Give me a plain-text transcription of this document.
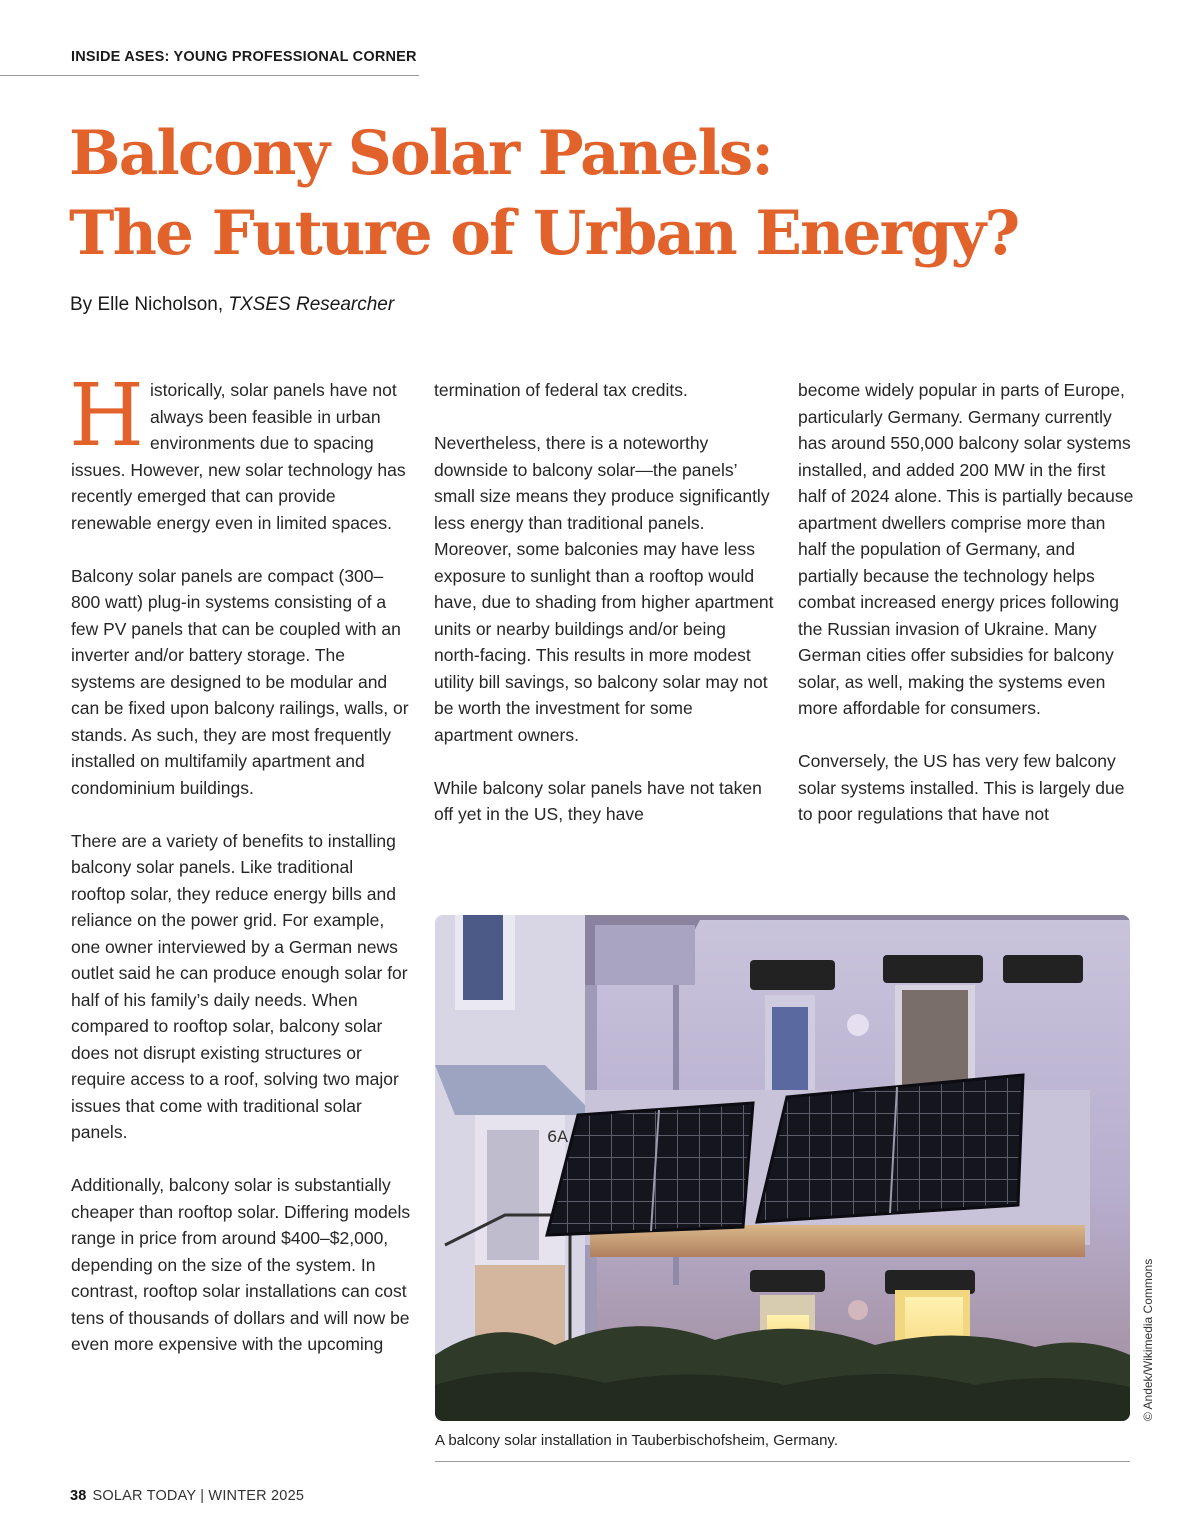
INSIDE ASES: YOUNG PROFESSIONAL CORNER
Balcony Solar Panels:
The Future of Urban Energy?
By Elle Nicholson, TXSES Researcher

Historically, solar panels have not always been feasible in urban environments due to spacing issues. However, new solar technology has recently emerged that can provide renewable energy even in limited spaces.

Balcony solar panels are compact (300–800 watt) plug-in systems consisting of a few PV panels that can be coupled with an inverter and/or battery storage. The systems are designed to be modular and can be fixed upon balcony railings, walls, or stands. As such, they are most frequently installed on multifamily apartment and condominium buildings.

There are a variety of benefits to installing balcony solar panels. Like traditional rooftop solar, they reduce energy bills and reliance on the power grid. For example, one owner interviewed by a German news outlet said he can produce enough solar for half of his family’s daily needs. When compared to rooftop solar, balcony solar does not disrupt existing structures or require access to a roof, solving two major issues that come with traditional solar panels.

Additionally, balcony solar is substantially cheaper than rooftop solar. Differing models range in price from around $400–$2,000, depending on the size of the system. In contrast, rooftop solar installations can cost tens of thousands of dollars and will now be even more expensive with the upcoming

termination of federal tax credits.

Nevertheless, there is a noteworthy downside to balcony solar—the panels’ small size means they produce significantly less energy than traditional panels. Moreover, some balconies may have less exposure to sunlight than a rooftop would have, due to shading from higher apartment units or nearby buildings and/or being north-facing. This results in more modest utility bill savings, so balcony solar may not be worth the investment for some apartment owners.

While balcony solar panels have not taken off yet in the US, they have

become widely popular in parts of Europe, particularly Germany. Germany currently has around 550,000 balcony solar systems installed, and added 200 MW in the first half of 2024 alone. This is partially because apartment dwellers comprise more than half the population of Germany, and partially because the technology helps combat increased energy prices following the Russian invasion of Ukraine. Many German cities offer subsidies for balcony solar, as well, making the systems even more affordable for consumers.

Conversely, the US has very few balcony solar systems installed. This is largely due to poor regulations that have not

6A
© Andek/Wikimedia Commons
A balcony solar installation in Tauberbischofsheim, Germany.
38 SOLAR TODAY | WINTER 2025
